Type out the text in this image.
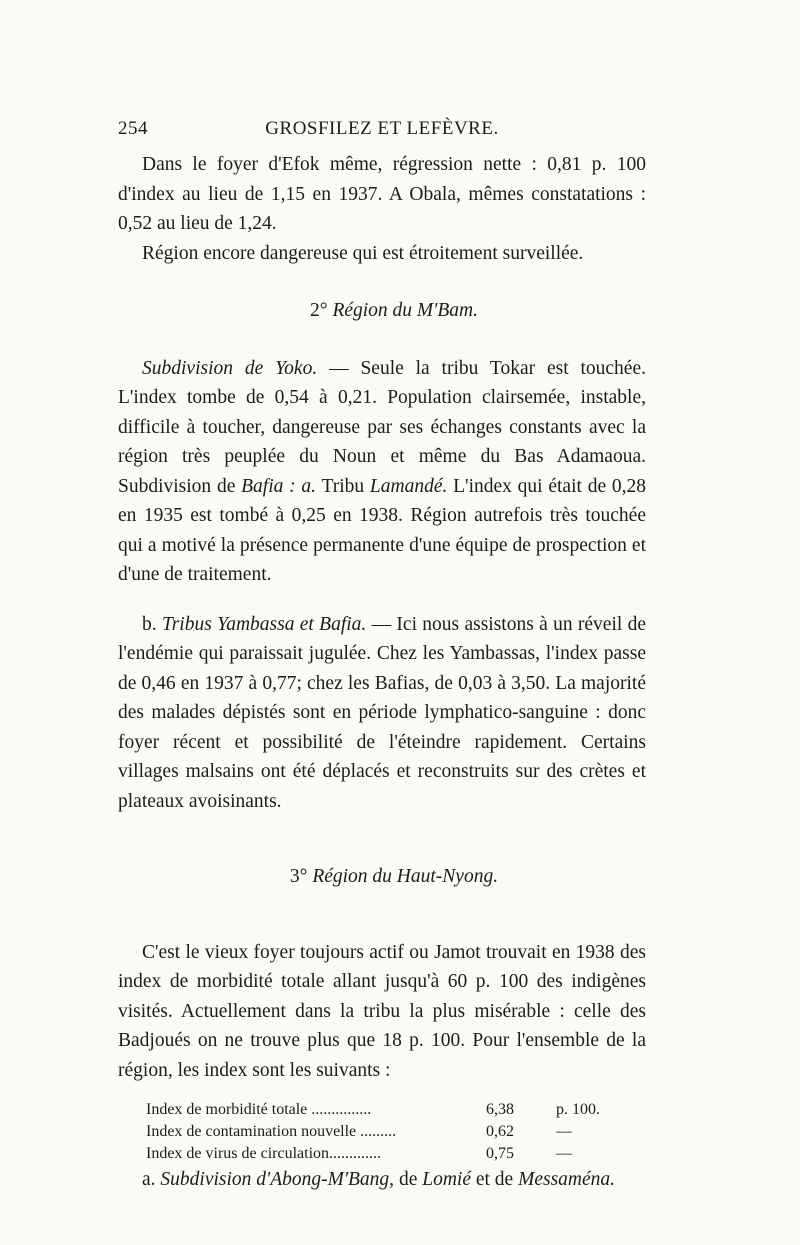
254	GROSFILEZ ET LEFÈVRE.

Dans le foyer d'Efok même, régression nette : 0,81 p. 100 d'index au lieu de 1,15 en 1937. A Obala, mêmes constatations : 0,52 au lieu de 1,24.

Région encore dangereuse qui est étroitement surveillée.

2° Région du M'Bam.

Subdivision de Yoko. — Seule la tribu Tokar est touchée. L'index tombe de 0,54 à 0,21. Population clairsemée, instable, difficile à toucher, dangereuse par ses échanges constants avec la région très peuplée du Noun et même du Bas Adamaoua. Subdivision de Bafia : a. Tribu Lamandé. L'index qui était de 0,28 en 1935 est tombé à 0,25 en 1938. Région autrefois très touchée qui a motivé la présence permanente d'une équipe de prospection et d'une de traitement.

b. Tribus Yambassa et Bafia. — Ici nous assistons à un réveil de l'endémie qui paraissait jugulée. Chez les Yambassas, l'index passe de 0,46 en 1937 à 0,77; chez les Bafias, de 0,03 à 3,50. La majorité des malades dépistés sont en période lymphatico-sanguine : donc foyer récent et possibilité de l'éteindre rapidement. Certains villages malsains ont été déplacés et reconstruits sur des crètes et plateaux avoisinants.

3° Région du Haut-Nyong.

C'est le vieux foyer toujours actif ou Jamot trouvait en 1938 des index de morbidité totale allant jusqu'à 60 p. 100 des indigènes visités. Actuellement dans la tribu la plus misérable : celle des Badjoués on ne trouve plus que 18 p. 100. Pour l'ensemble de la région, les index sont les suivants :

Index de morbidité totale ...............	6,38	p. 100.
Index de contamination nouvelle .........	0,62	—
Index de virus de circulation.............	0,75	—

a. Subdivision d'Abong-M'Bang, de Lomié et de Messaména.
